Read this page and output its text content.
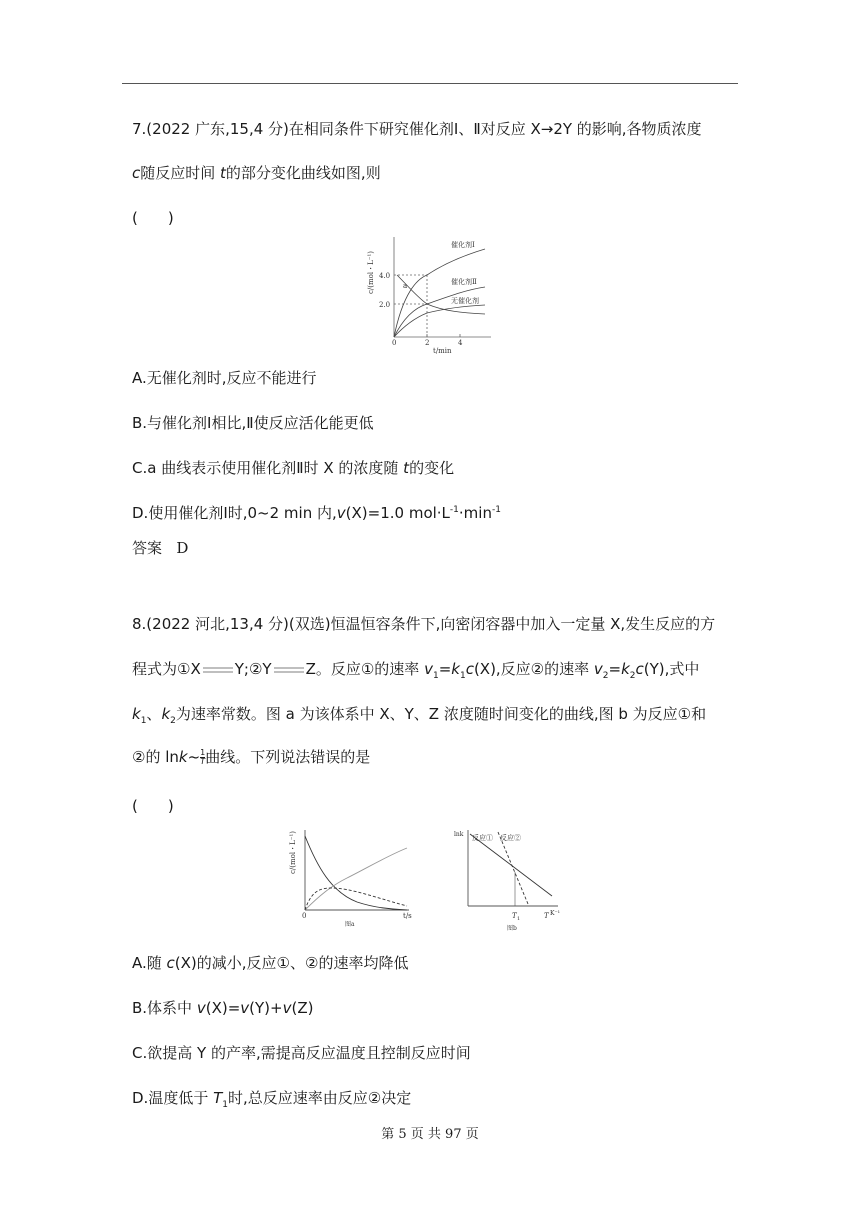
7.(2022 广东,15,4 分)在相同条件下研究催化剂Ⅰ、Ⅱ对反应 X→2Y 的影响,各物质浓度
c随反应时间 t的部分变化曲线如图,则
(　　)
c/(mol・L⁻¹) 4.0
2.0
0	2	4
t/min
催化剂Ⅰ
催化剂Ⅱ
无催化剂
a
A.无催化剂时,反应不能进行
B.与催化剂Ⅰ相比,Ⅱ使反应活化能更低
C.a 曲线表示使用催化剂Ⅱ时 X 的浓度随 t的变化
D.使用催化剂Ⅰ时,0~2 min 内,v(X)=1.0 $mol\cdot L^{-1}\cdot\min^{-1}$
答案 D
8.(2022 河北,13,4 分)(双选)恒温恒容条件下,向密闭容器中加入一定量 X,发生反应的方
程式为①X Y;②Y Z。反应①的速率 $v_1=k_1c(X)$,反应②的速率 $v_2=k_2c(Y)$,式中
$k_1$、$k_2$为速率常数。图 a 为该体系中 X、Y、Z 浓度随时间变化的曲线,图 b 为反应①和
②的 lnk~ $\frac{1}{T}$ 曲线。下列说法错误的是
(　　)
c/(mol・L⁻¹)
0	t/s
图a
lnk 反应① 反应②
T 1	T K⁻¹
图b
A.随 c(X)的减小,反应①、②的速率均降低
B.体系中 v(X)=v(Y)+v(Z)
C.欲提高 Y 的产率,需提高反应温度且控制反应时间
D.温度低于 $T_1$时,总反应速率由反应②决定
第 5 页 共 97 页
